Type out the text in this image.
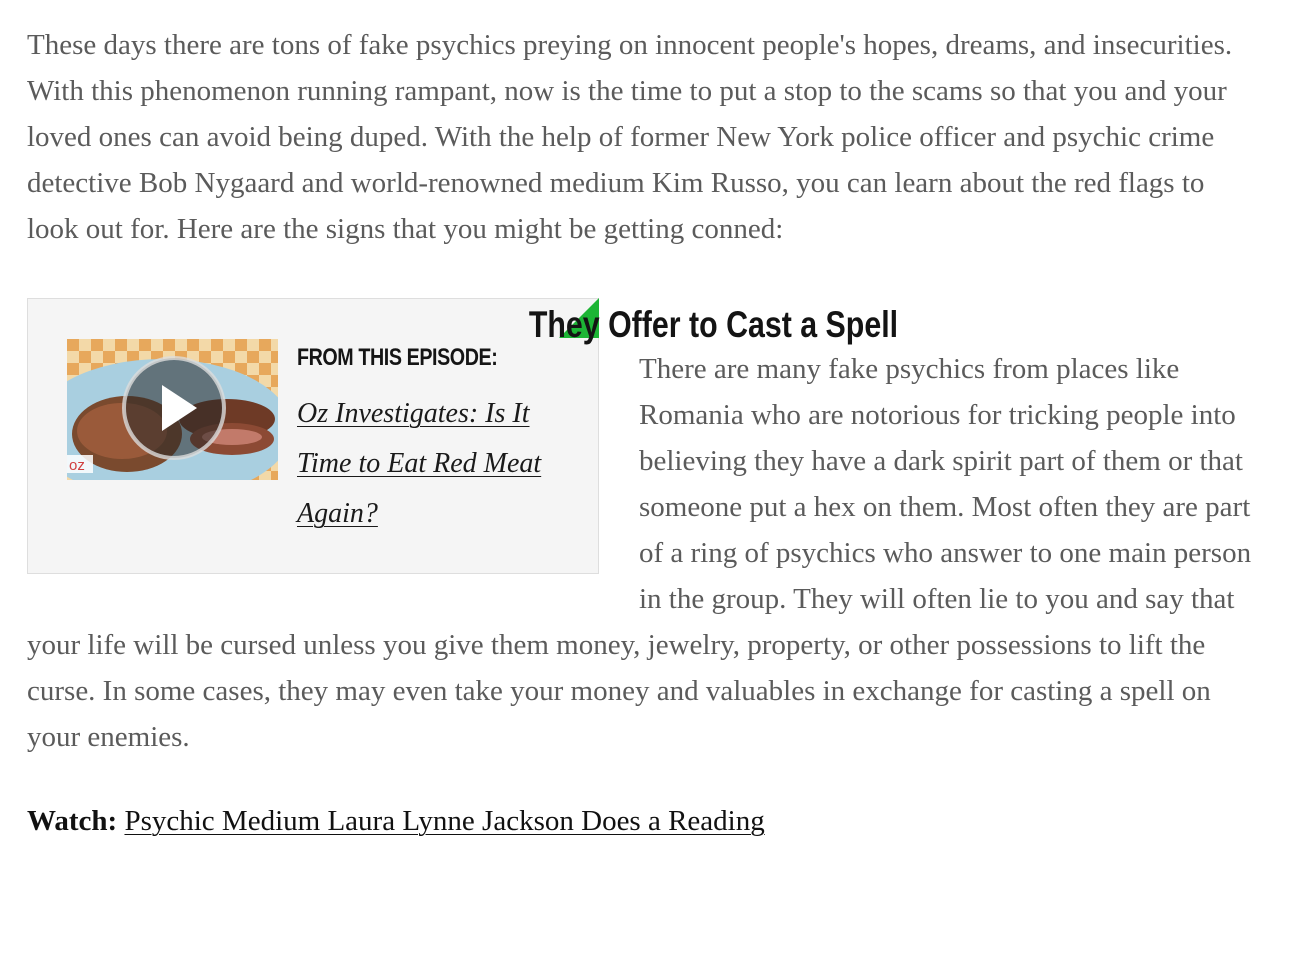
These days there are tons of fake psychics preying on innocent people's hopes, dreams, and insecurities. With this phenomenon running rampant, now is the time to put a stop to the scams so that you and your loved ones can avoid being duped. With the help of former New York police officer and psychic crime detective Bob Nygaard and world-renowned medium Kim Russo, you can learn about the red flags to look out for. Here are the signs that you might be getting conned:

oz
FROM THIS EPISODE:
Oz Investigates: Is It Time to Eat Red Meat Again?
They Offer to Cast a Spell

There are many fake psychics from places like Romania who are notorious for tricking people into believing they have a dark spirit part of them or that someone put a hex on them. Most often they are part of a ring of psychics who answer to one main person in the group. They will often lie to you and say that your life will be cursed unless you give them money, jewelry, property, or other possessions to lift the curse. In some cases, they may even take your money and valuables in exchange for casting a spell on your enemies.

Watch: Psychic Medium Laura Lynne Jackson Does a Reading
